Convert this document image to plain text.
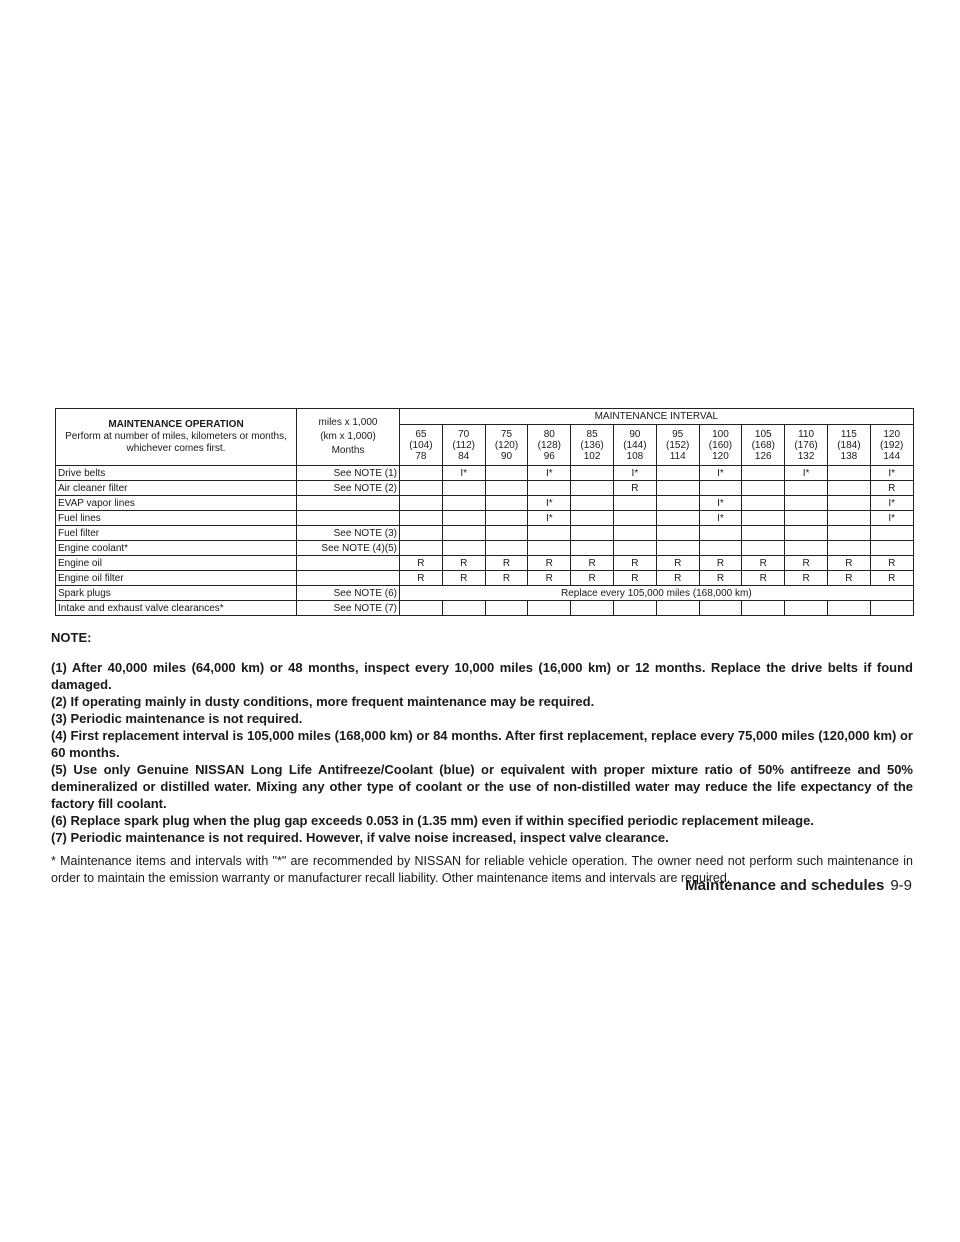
MAINTENANCE OPERATION
Perform at number of miles, kilometers or months, whichever comes first.	miles x 1,000
(km x 1,000)
Months	MAINTENANCE INTERVAL											

		65
(104)
78	70
(112)
84	75
(120)
90	80
(128)
96	85
(136)
102	90
(144)
108	95
(152)
114	100
(160)
120	105
(168)
126	110
(176)
132	115
(184)
138	120
(192)
144

Drive belts	See NOTE (1)		I*		I*		I*		I*		I*		I*
Air cleaner filter	See NOTE (2)						R						R
EVAP vapor lines					I*				I*				I*
Fuel lines					I*				I*				I*
Fuel filter	See NOTE (3)												
Engine coolant*	See NOTE (4)(5)												
Engine oil		R	R	R	R	R	R	R	R	R	R	R	R
Engine oil filter		R	R	R	R	R	R	R	R	R	R	R	R
Spark plugs	See NOTE (6)	Replace every 105,000 miles (168,000 km)											
Intake and exhaust valve clearances*	See NOTE (7)												

NOTE:

(1) After 40,000 miles (64,000 km) or 48 months, inspect every 10,000 miles (16,000 km) or 12 months. Replace the drive belts if found damaged.

(2) If operating mainly in dusty conditions, more frequent maintenance may be required.

(3) Periodic maintenance is not required.

(4) First replacement interval is 105,000 miles (168,000 km) or 84 months. After first replacement, replace every 75,000 miles (120,000 km) or 60 months.

(5) Use only Genuine NISSAN Long Life Antifreeze/Coolant (blue) or equivalent with proper mixture ratio of 50% antifreeze and 50% demineralized or distilled water. Mixing any other type of coolant or the use of non-distilled water may reduce the life expectancy of the factory fill coolant.

(6) Replace spark plug when the plug gap exceeds 0.053 in (1.35 mm) even if within specified periodic replacement mileage.

(7) Periodic maintenance is not required. However, if valve noise increased, inspect valve clearance.

* Maintenance items and intervals with "*" are recommended by NISSAN for reliable vehicle operation. The owner need not perform such maintenance in order to maintain the emission warranty or manufacturer recall liability. Other maintenance items and intervals are required.

Maintenance and schedules 9-9
